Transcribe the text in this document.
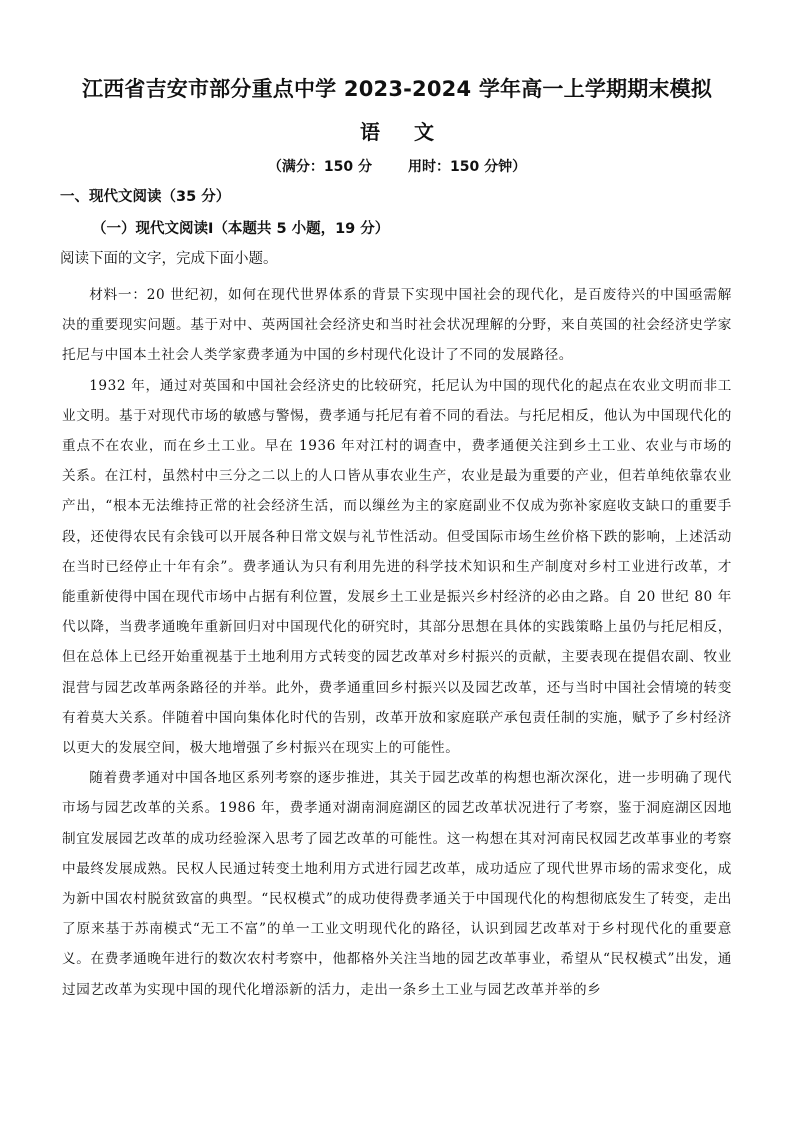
江西省吉安市部分重点中学 2023-2024 学年高一上学期期末模拟
语 文
（满分：150 分	用时：150 分钟）
一、现代文阅读（35 分）
（一）现代文阅读Ⅰ（本题共 5 小题，19 分）
阅读下面的文字，完成下面小题。

材料一：20 世纪初，如何在现代世界体系的背景下实现中国社会的现代化，是百废待兴的中国亟需解决的重要现实问题。基于对中、英两国社会经济史和当时社会状况理解的分野，来自英国的社会经济史学家托尼与中国本土社会人类学家费孝通为中国的乡村现代化设计了不同的发展路径。

1932 年，通过对英国和中国社会经济史的比较研究，托尼认为中国的现代化的起点在农业文明而非工业文明。基于对现代市场的敏感与警惕，费孝通与托尼有着不同的看法。与托尼相反，他认为中国现代化的重点不在农业，而在乡土工业。早在 1936 年对江村的调查中，费孝通便关注到乡土工业、农业与市场的关系。在江村，虽然村中三分之二以上的人口皆从事农业生产，农业是最为重要的产业，但若单纯依靠农业产出，“根本无法维持正常的社会经济生活，而以缫丝为主的家庭副业不仅成为弥补家庭收支缺口的重要手段，还使得农民有余钱可以开展各种日常文娱与礼节性活动。但受国际市场生丝价格下跌的影响，上述活动在当时已经停止十年有余”。费孝通认为只有利用先进的科学技术知识和生产制度对乡村工业进行改革，才能重新使得中国在现代市场中占据有利位置，发展乡土工业是振兴乡村经济的必由之路。自 20 世纪 80 年代以降，当费孝通晚年重新回归对中国现代化的研究时，其部分思想在具体的实践策略上虽仍与托尼相反，但在总体上已经开始重视基于土地利用方式转变的园艺改革对乡村振兴的贡献，主要表现在提倡农副、牧业混营与园艺改革两条路径的并举。此外，费孝通重回乡村振兴以及园艺改革，还与当时中国社会情境的转变有着莫大关系。伴随着中国向集体化时代的告别，改革开放和家庭联产承包责任制的实施，赋予了乡村经济以更大的发展空间，极大地增强了乡村振兴在现实上的可能性。

随着费孝通对中国各地区系列考察的逐步推进，其关于园艺改革的构想也渐次深化，进一步明确了现代市场与园艺改革的关系。1986 年，费孝通对湖南洞庭湖区的园艺改革状况进行了考察，鉴于洞庭湖区因地制宜发展园艺改革的成功经验深入思考了园艺改革的可能性。这一构想在其对河南民权园艺改革事业的考察中最终发展成熟。民权人民通过转变土地利用方式进行园艺改革，成功适应了现代世界市场的需求变化，成为新中国农村脱贫致富的典型。“民权模式”的成功使得费孝通关于中国现代化的构想彻底发生了转变，走出了原来基于苏南模式“无工不富”的单一工业文明现代化的路径，认识到园艺改革对于乡村现代化的重要意义。在费孝通晚年进行的数次农村考察中，他都格外关注当地的园艺改革事业，希望从“民权模式”出发，通过园艺改革为实现中国的现代化增添新的活力，走出一条乡土工业与园艺改革并举的乡
